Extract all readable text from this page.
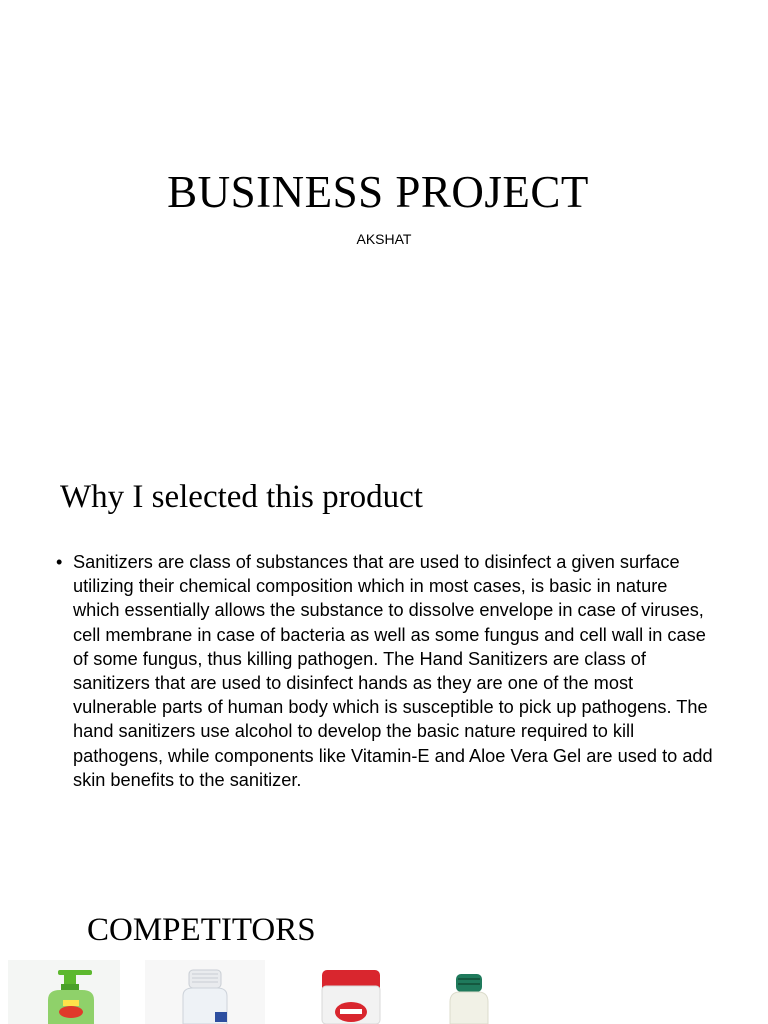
BUSINESS PROJECT
AKSHAT
Why I selected this product
• Sanitizers are class of substances that are used to disinfect a given surface utilizing their chemical composition which in most cases, is basic in nature which essentially allows the substance to dissolve envelope in case of viruses, cell membrane in case of bacteria as well as some fungus and cell wall in case of some fungus, thus killing pathogen. The Hand Sanitizers are class of sanitizers that are used to disinfect hands as they are one of the most vulnerable parts of human body which is susceptible to pick up pathogens. The hand sanitizers use alcohol to develop the basic nature required to kill pathogens, while components like Vitamin-E and Aloe Vera Gel are used to add skin benefits to the sanitizer.
COMPETITORS
